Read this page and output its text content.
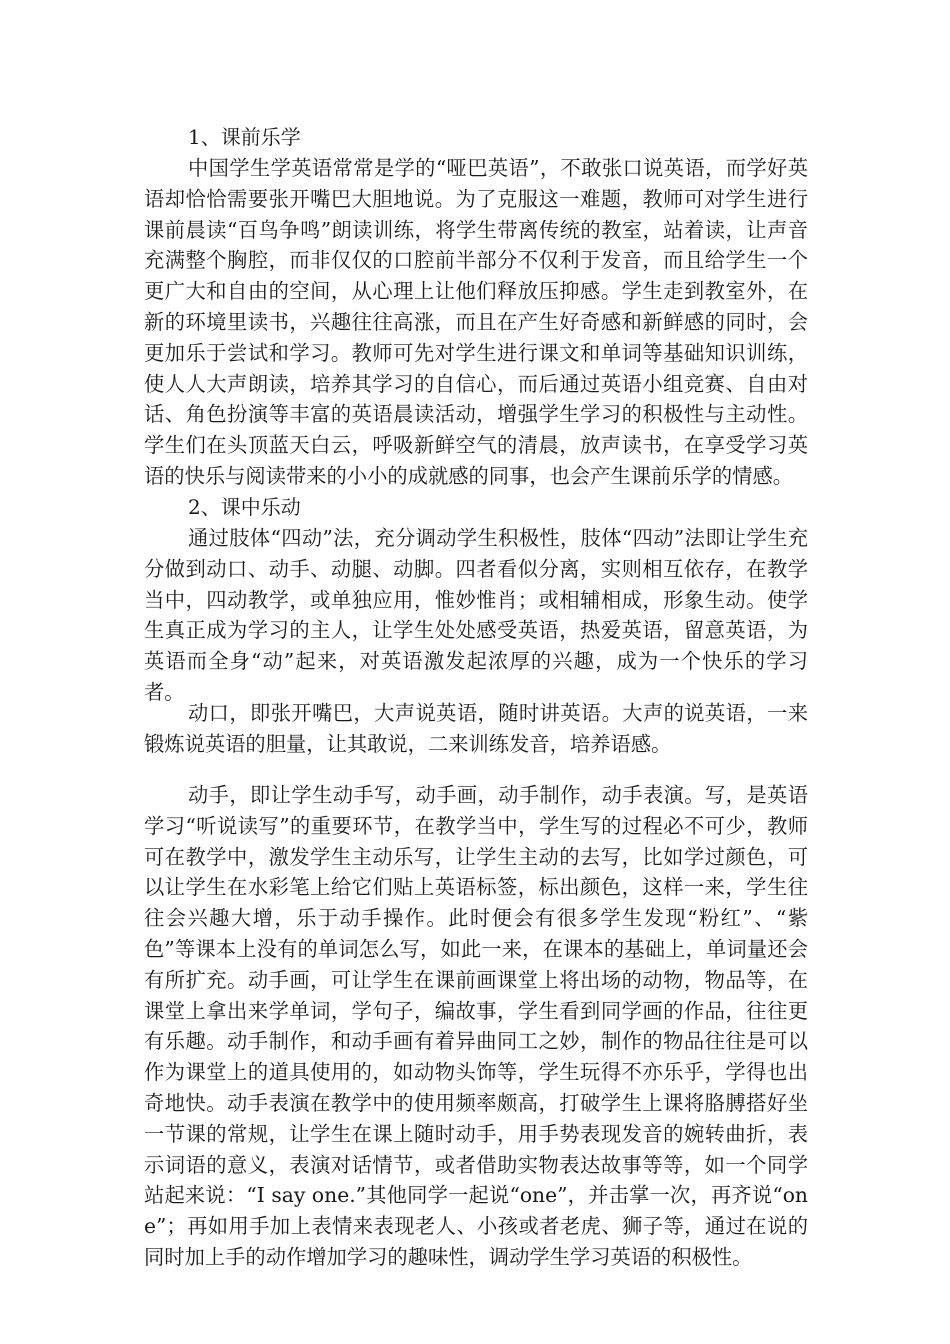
1、课前乐学

中国学生学英语常常是学的“哑巴英语”，不敢张口说英语，而学好英语却恰恰需要张开嘴巴大胆地说。为了克服这一难题，教师可对学生进行课前晨读“百鸟争鸣”朗读训练，将学生带离传统的教室，站着读，让声音充满整个胸腔，而非仅仅的口腔前半部分不仅利于发音，而且给学生一个更广大和自由的空间，从心理上让他们释放压抑感。学生走到教室外，在新的环境里读书，兴趣往往高涨，而且在产生好奇感和新鲜感的同时，会更加乐于尝试和学习。教师可先对学生进行课文和单词等基础知识训练，使人人大声朗读，培养其学习的自信心，而后通过英语小组竞赛、自由对话、角色扮演等丰富的英语晨读活动，增强学生学习的积极性与主动性。学生们在头顶蓝天白云，呼吸新鲜空气的清晨，放声读书，在享受学习英语的快乐与阅读带来的小小的成就感的同事，也会产生课前乐学的情感。

2、课中乐动

通过肢体“四动”法，充分调动学生积极性，肢体“四动”法即让学生充分做到动口、动手、动腿、动脚。四者看似分离，实则相互依存，在教学当中，四动教学，或单独应用，惟妙惟肖；或相辅相成，形象生动。使学生真正成为学习的主人，让学生处处感受英语，热爱英语，留意英语，为英语而全身“动”起来，对英语激发起浓厚的兴趣，成为一个快乐的学习者。

动口，即张开嘴巴，大声说英语，随时讲英语。大声的说英语，一来锻炼说英语的胆量，让其敢说，二来训练发音，培养语感。

动手，即让学生动手写，动手画，动手制作，动手表演。写，是英语学习“听说读写”的重要环节，在教学当中，学生写的过程必不可少，教师可在教学中，激发学生主动乐写，让学生主动的去写，比如学过颜色，可以让学生在水彩笔上给它们贴上英语标签，标出颜色，这样一来，学生往往会兴趣大增，乐于动手操作。此时便会有很多学生发现“粉红”、“紫色”等课本上没有的单词怎么写，如此一来，在课本的基础上，单词量还会有所扩充。动手画，可让学生在课前画课堂上将出场的动物，物品等，在课堂上拿出来学单词，学句子，编故事，学生看到同学画的作品，往往更有乐趣。动手制作，和动手画有着异曲同工之妙，制作的物品往往是可以作为课堂上的道具使用的，如动物头饰等，学生玩得不亦乐乎，学得也出奇地快。动手表演在教学中的使用频率颇高，打破学生上课将胳膊搭好坐一节课的常规，让学生在课上随时动手，用手势表现发音的婉转曲折，表示词语的意义，表演对话情节，或者借助实物表达故事等等，如一个同学站起来说：“I say one.”其他同学一起说“one”，并击掌一次，再齐说“one”；再如用手加上表情来表现老人、小孩或者老虎、狮子等，通过在说的同时加上手的动作增加学习的趣味性，调动学生学习英语的积极性。
